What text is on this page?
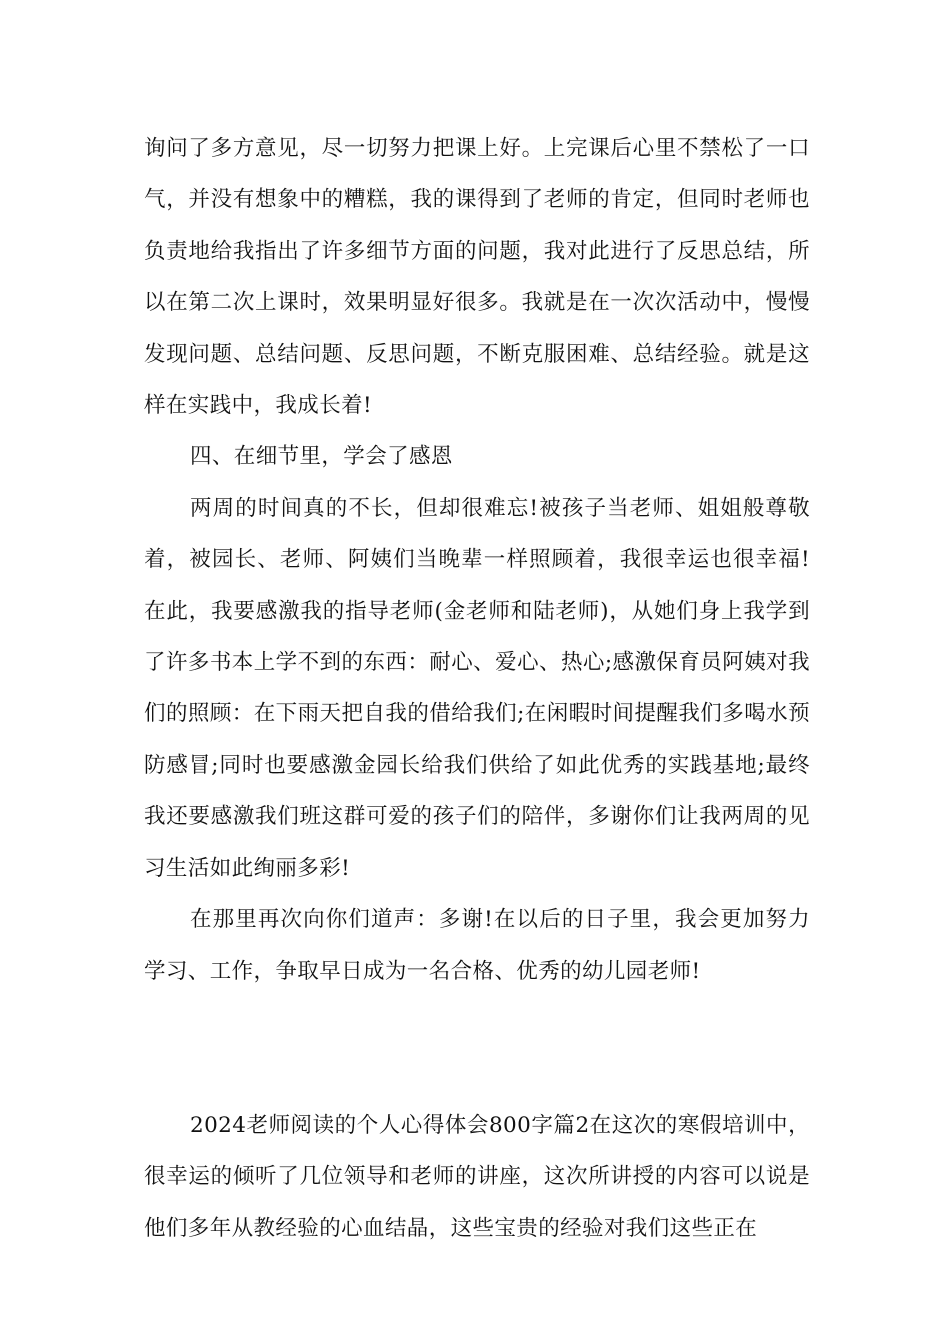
询问了多方意见，尽一切努力把课上好。上完课后心里不禁松了一口气，并没有想象中的糟糕，我的课得到了老师的肯定，但同时老师也负责地给我指出了许多细节方面的问题，我对此进行了反思总结，所以在第二次上课时，效果明显好很多。我就是在一次次活动中，慢慢发现问题、总结问题、反思问题，不断克服困难、总结经验。就是这样在实践中，我成长着!

四、在细节里，学会了感恩

两周的时间真的不长，但却很难忘!被孩子当老师、姐姐般尊敬着，被园长、老师、阿姨们当晚辈一样照顾着，我很幸运也很幸福!在此，我要感激我的指导老师(金老师和陆老师)，从她们身上我学到了许多书本上学不到的东西：耐心、爱心、热心;感激保育员阿姨对我们的照顾：在下雨天把自我的借给我们;在闲暇时间提醒我们多喝水预防感冒;同时也要感激金园长给我们供给了如此优秀的实践基地;最终我还要感激我们班这群可爱的孩子们的陪伴，多谢你们让我两周的见习生活如此绚丽多彩!

在那里再次向你们道声：多谢!在以后的日子里，我会更加努力学习、工作，争取早日成为一名合格、优秀的幼儿园老师!

2024老师阅读的个人心得体会800字篇2在这次的寒假培训中，很幸运的倾听了几位领导和老师的讲座，这次所讲授的内容可以说是他们多年从教经验的心血结晶，这些宝贵的经验对我们这些正在
